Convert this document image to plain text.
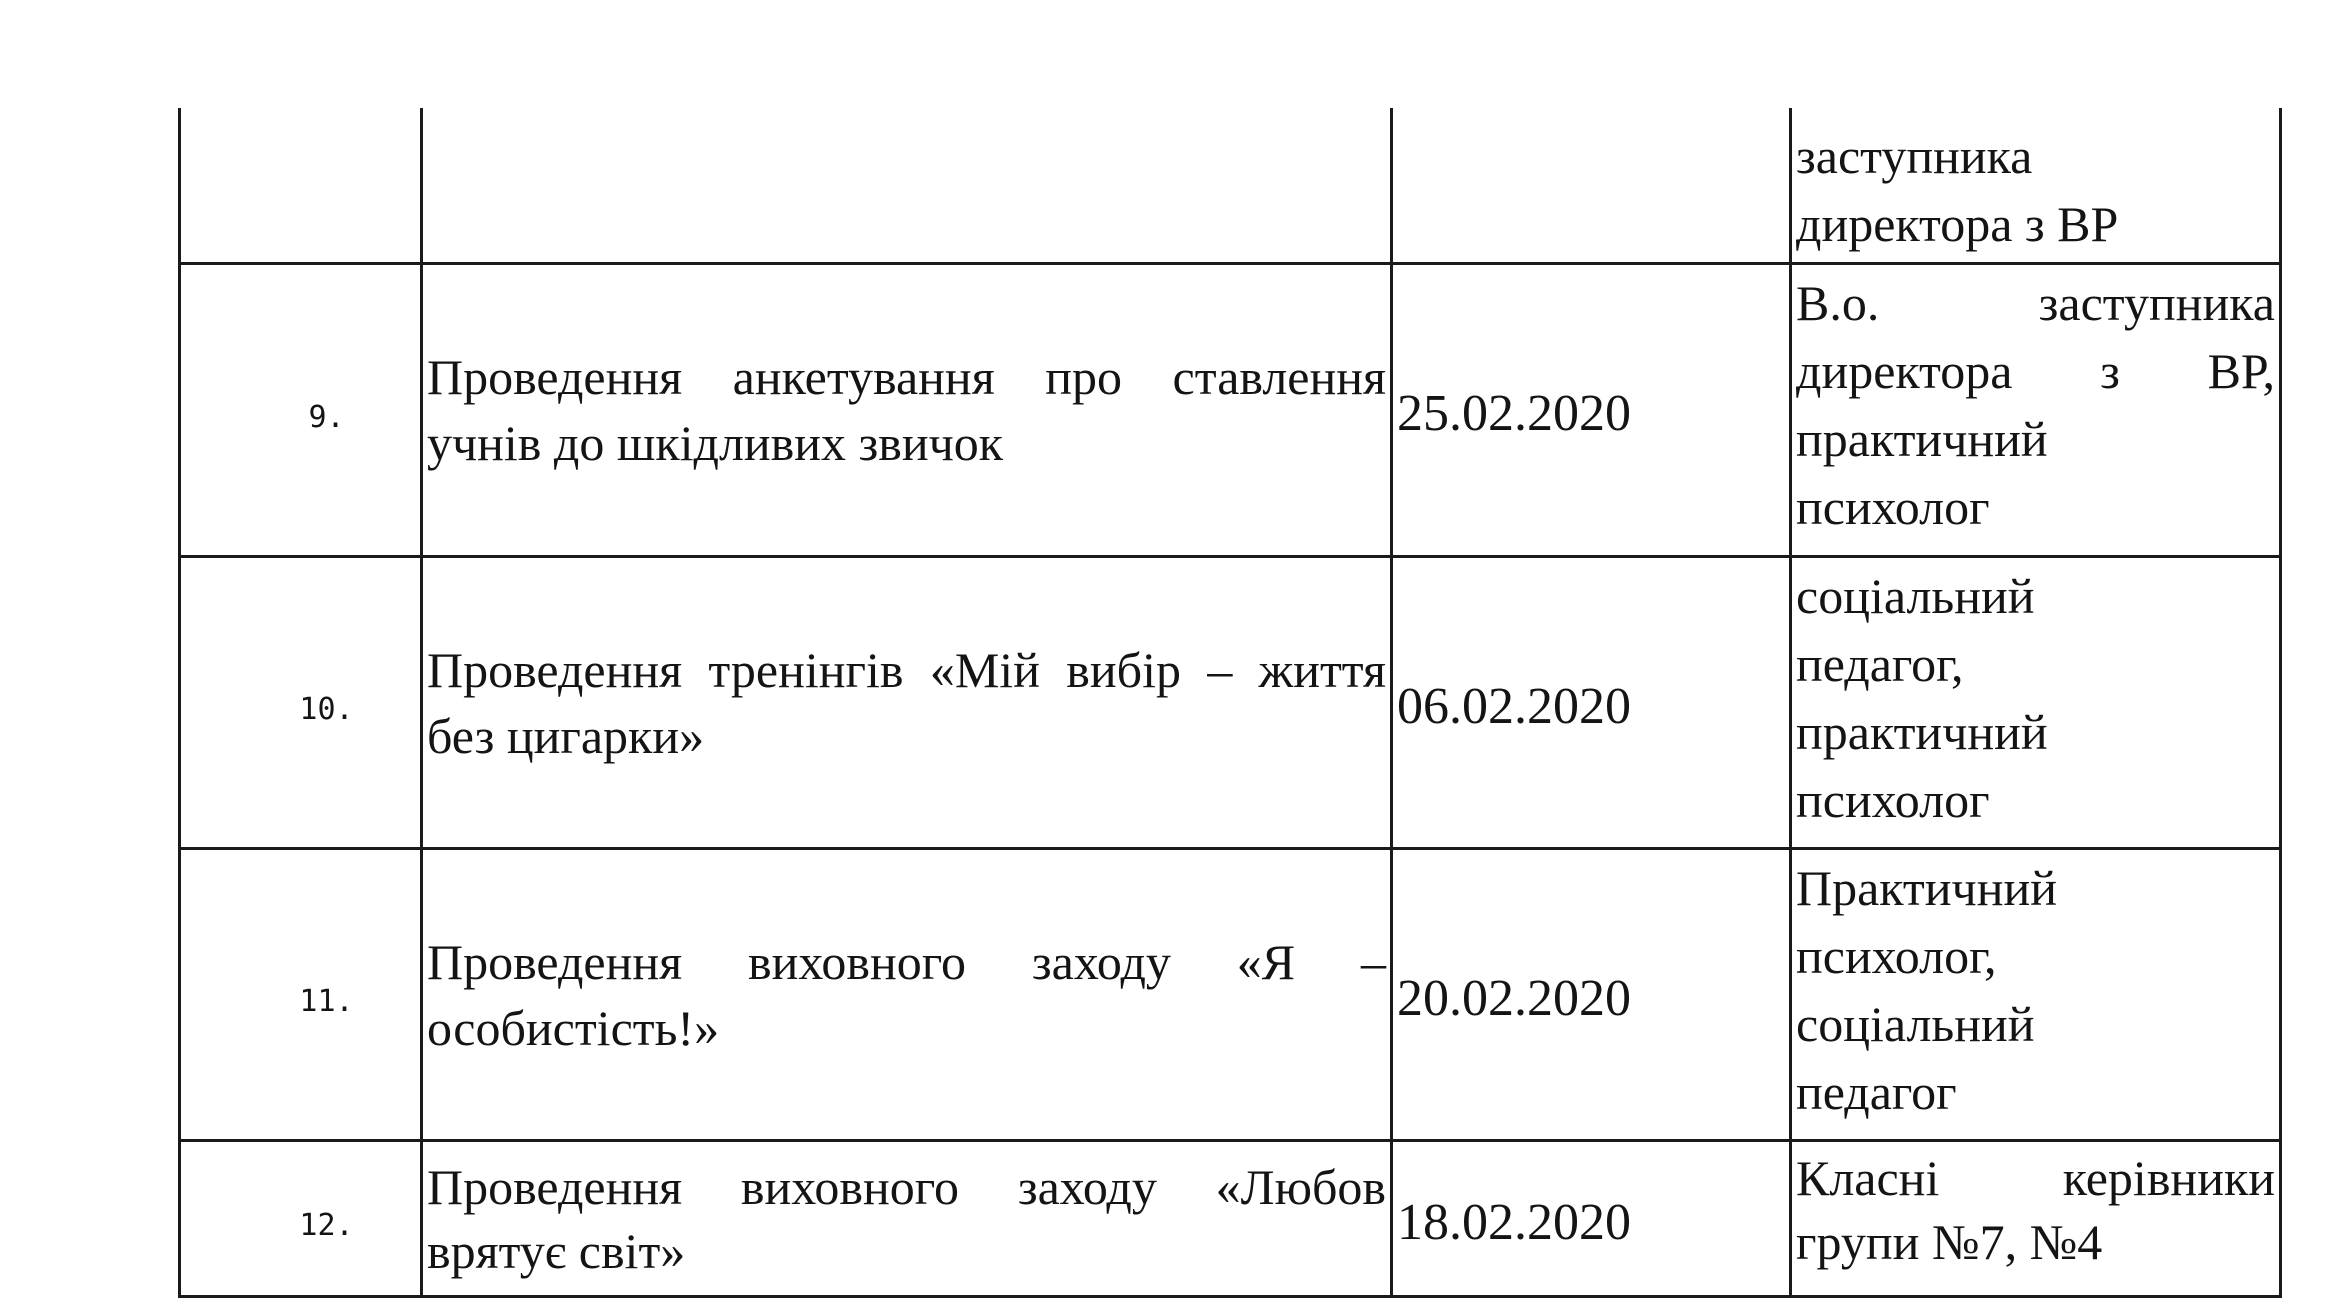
			заступника
директора з ВР

9.	Проведення анкетування про ставлення учнів до шкідливих звичок	25.02.2020	В.о. заступника
директора з ВР,
практичний
психолог

10.	Проведення тренінгів «Мій вибір – життя без цигарки»	06.02.2020	соціальний
педагог,
практичний
психолог

11.	Проведення виховного заходу «Я – особистість!»	20.02.2020	Практичний
психолог,
соціальний
педагог

12.	Проведення виховного заходу «Любов врятує світ»	18.02.2020	Класні керівники
групи №7, №4
